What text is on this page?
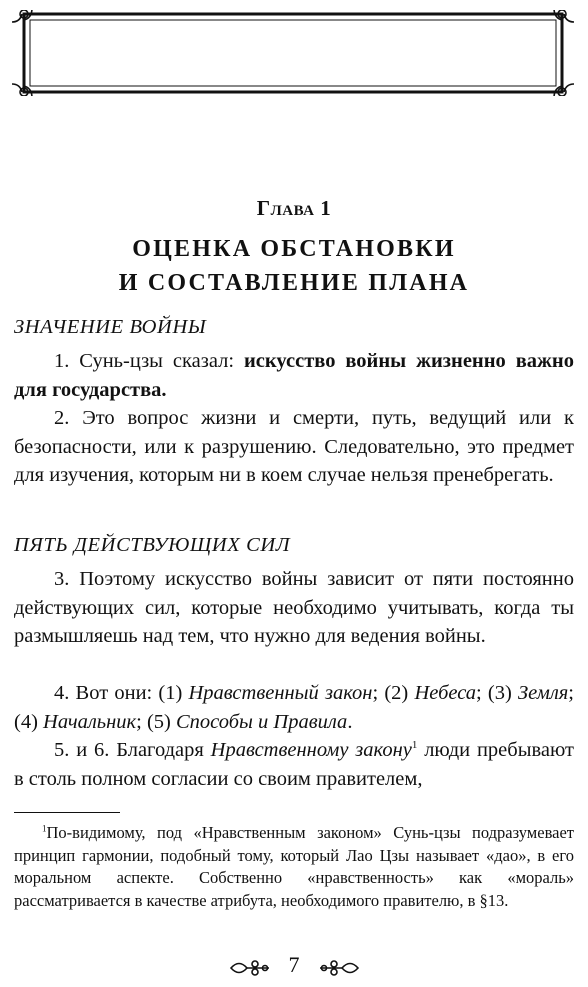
Глава 1
ОЦЕНКА ОБСТАНОВКИ
И СОСТАВЛЕНИЕ ПЛАНА
ЗНАЧЕНИЕ ВОЙНЫ

1. Сунь-цзы сказал: искусство войны жизненно важно для государства.

2. Это вопрос жизни и смерти, путь, ведущий или к безопасности, или к разрушению. Следовательно, это предмет для изучения, которым ни в коем случае нельзя пренебрегать.

ПЯТЬ ДЕЙСТВУЮЩИХ СИЛ

3. Поэтому искусство войны зависит от пяти постоянно действующих сил, которые необходимо учитывать, когда ты размышляешь над тем, что нужно для ведения войны.

4. Вот они: (1) Нравственный закон; (2) Небеса; (3) Земля; (4) Начальник; (5) Способы и Правила.

5. и 6. Благодаря Нравственному закону$^1$ люди пребывают в столь полном согласии со своим правителем,

$^1$По-видимому, под «Нравственным законом» Сунь-цзы подразумевает принцип гармонии, подобный тому, который Лао Цзы называет «дао», в его моральном аспекте. Собственно «нравственность» как «мораль» рассматривается в качестве атрибута, необходимого правителю, в §13.

7
